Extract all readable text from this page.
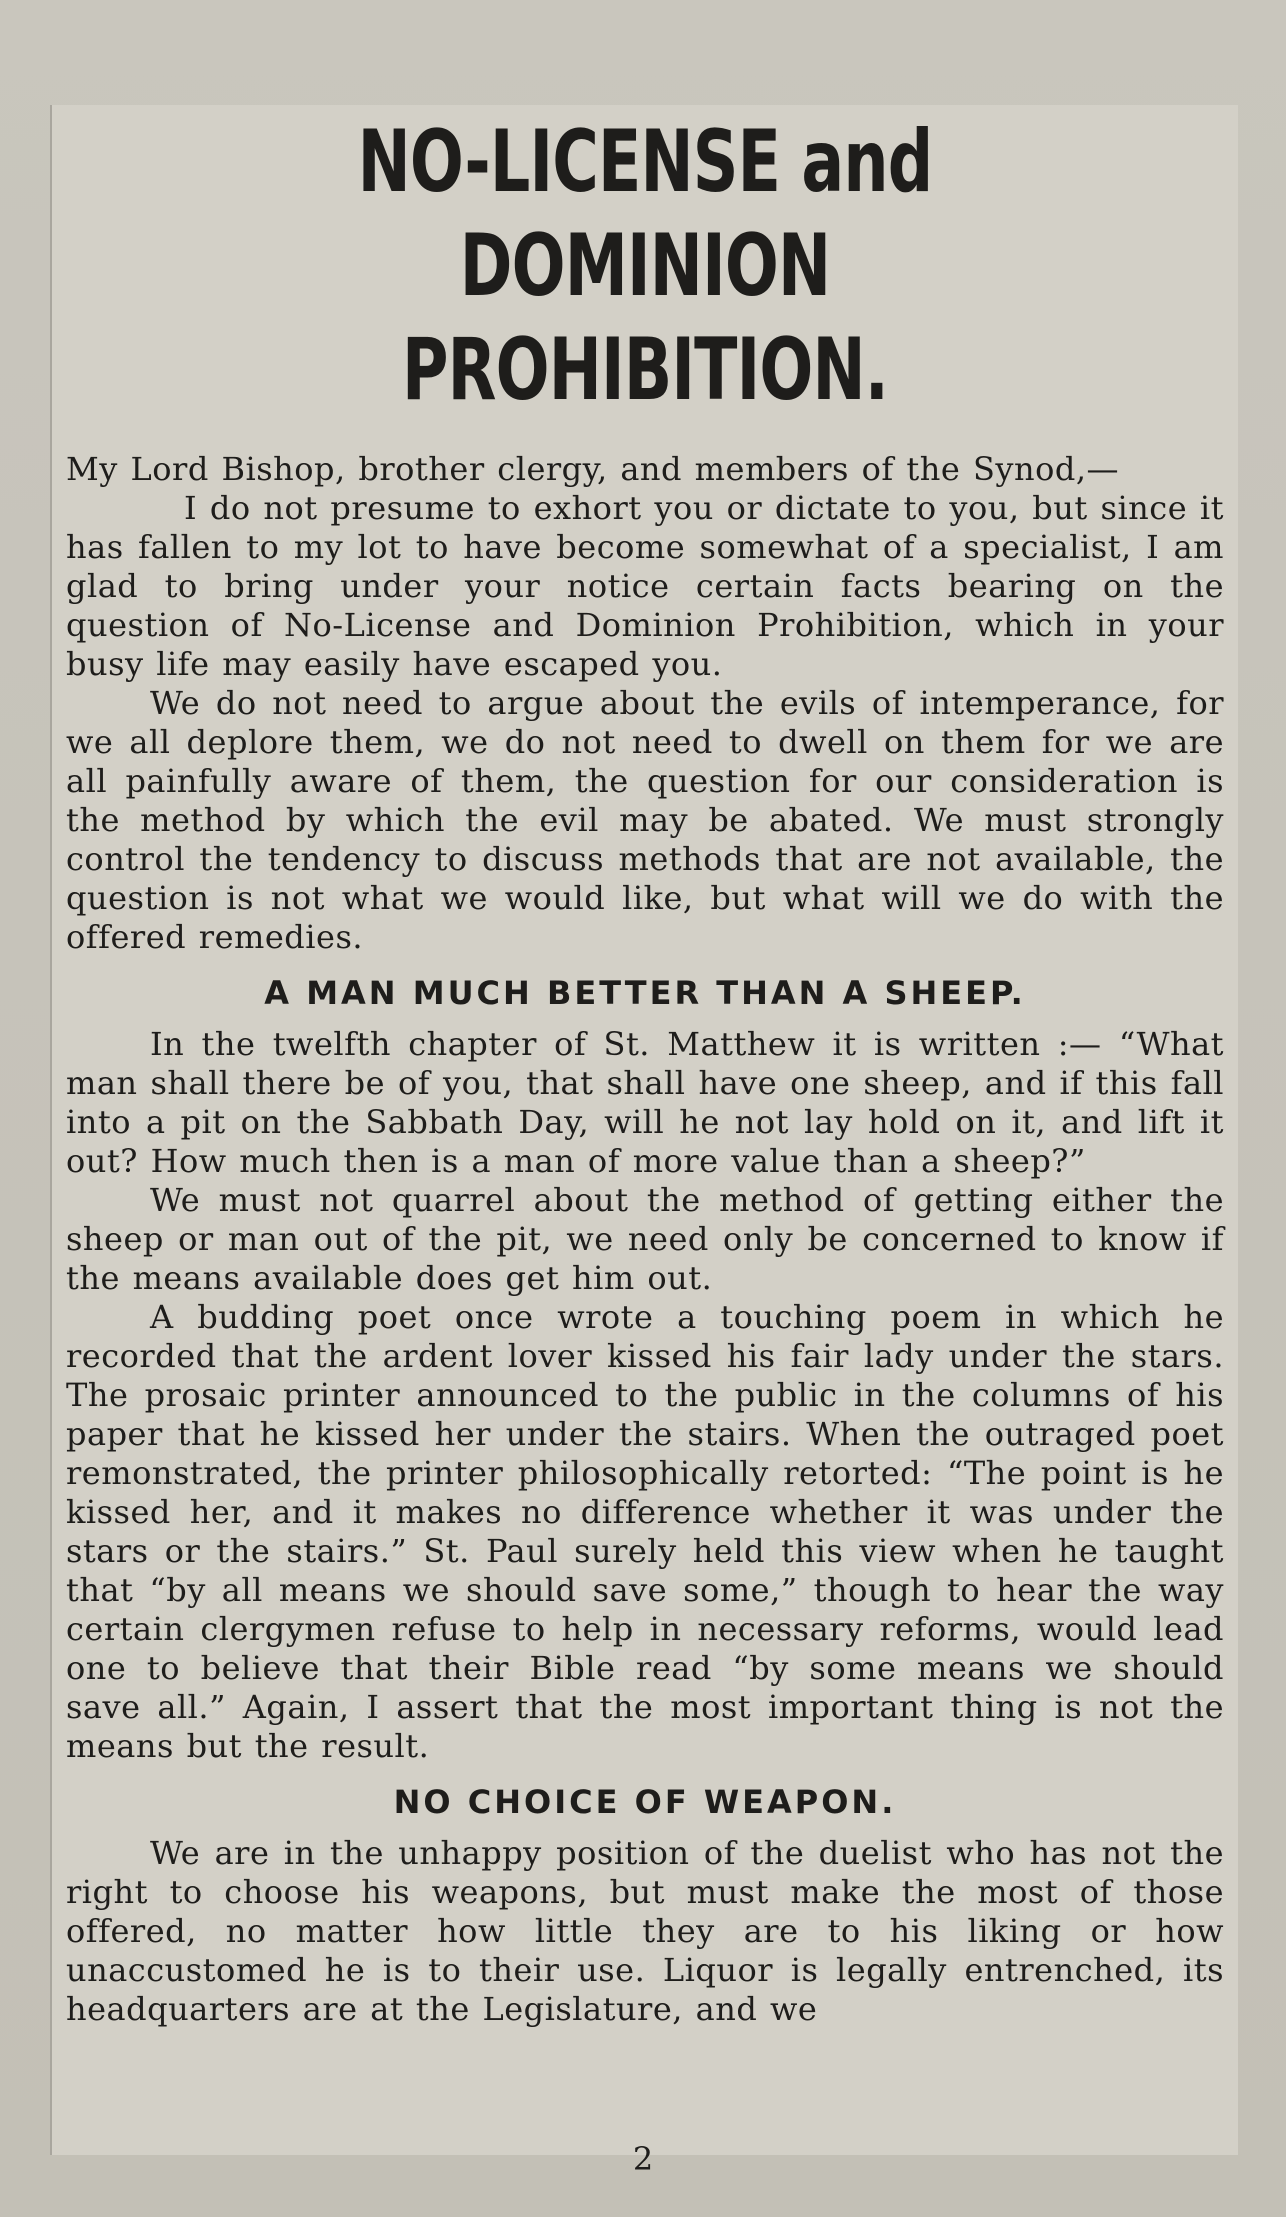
NO-LICENSE and DOMINION
PROHIBITION.

My Lord Bishop, brother clergy, and members of the Synod,—

I do not presume to exhort you or dictate to you, but since it has fallen to my lot to have become somewhat of a specialist, I am glad to bring under your notice certain facts bearing on the question of No-License and Dominion Prohibition, which in your busy life may easily have escaped you.

We do not need to argue about the evils of intemperance, for we all deplore them, we do not need to dwell on them for we are all painfully aware of them, the question for our consideration is the method by which the evil may be abated. We must strongly control the tendency to discuss methods that are not available, the question is not what we would like, but what will we do with the offered remedies.

A MAN MUCH BETTER THAN A SHEEP.

In the twelfth chapter of St. Matthew it is written :— “What man shall there be of you, that shall have one sheep, and if this fall into a pit on the Sabbath Day, will he not lay hold on it, and lift it out? How much then is a man of more value than a sheep?”

We must not quarrel about the method of getting either the sheep or man out of the pit, we need only be concerned to know if the means available does get him out.

A budding poet once wrote a touching poem in which he recorded that the ardent lover kissed his fair lady under the stars. The prosaic printer announced to the public in the columns of his paper that he kissed her under the stairs. When the outraged poet remonstrated, the printer philosophically retorted: “The point is he kissed her, and it makes no difference whether it was under the stars or the stairs.” St. Paul surely held this view when he taught that “by all means we should save some,” though to hear the way certain clergymen refuse to help in necessary reforms, would lead one to believe that their Bible read “by some means we should save all.” Again, I assert that the most important thing is not the means but the result.

NO CHOICE OF WEAPON.

We are in the unhappy position of the duelist who has not the right to choose his weapons, but must make the most of those offered, no matter how little they are to his liking or how unaccustomed he is to their use. Liquor is legally entrenched, its headquarters are at the Legislature, and we

2
